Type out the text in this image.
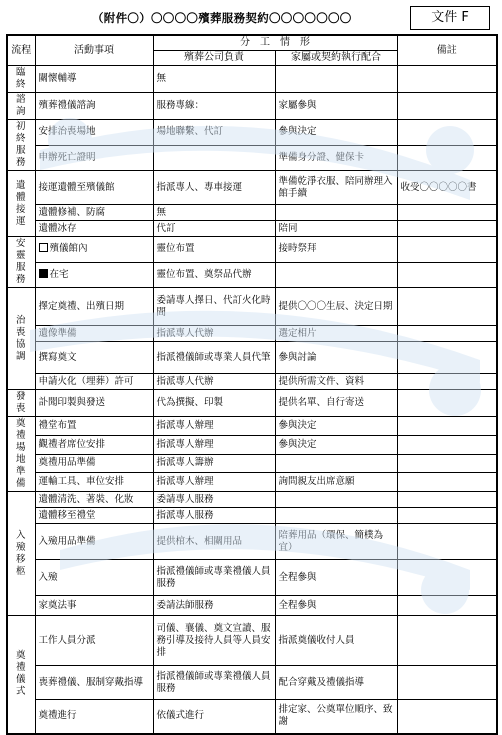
（附件〇）〇〇〇〇殯葬服務契約〇〇〇〇〇〇〇	文件 F
流程	活動事項	分　工　情　形		備註
		殯葬公司負責	家屬或契約執行配合	
臨終	關懷輔導	無		
諮詢	殯葬禮儀諮詢	服務專線：	家屬參與	
初終服務	安排治喪場地	場地聯繫、代訂	參與決定	
	申辦死亡證明		準備身分證、健保卡	
遺體接運	接運遺體至殯儀館	指派專人、專車接運	準備乾淨衣服、陪同辦理入館手續	收受〇〇〇〇〇書
	遺體修補、防腐	無		
	遺體冰存	代訂	陪同	
安靈服務	殯儀館內	靈位布置	接時祭拜	
	在宅	靈位布置、奠祭品代辦		
治喪協調	擇定奠禮、出殯日期	委請專人擇日、代訂火化時間	提供〇〇〇生辰、決定日期	
	遺像準備	指派專人代辦	選定相片	
	撰寫奠文	指派禮儀師或專業人員代筆	參與討論	
	申請火化（埋葬）許可	指派專人代辦	提供所需文件、資料	
發喪	訃聞印製與發送	代為撰擬、印製	提供名單、自行寄送	
奠禮場地準備	禮堂布置	指派專人辦理	參與決定	
	觀禮者席位安排	指派專人辦理	參與決定	
	奠禮用品準備	指派專人籌辦		
	運輸工具、車位安排	指派專人辦理	詢問親友出席意願	
入殮移柩	遺體清洗、著裝、化妝	委請專人服務		
	遺體移至禮堂	指派專人服務		
	入殮用品準備	提供棺木、相關用品	陪葬用品（環保、簡樸為宜）	
	入殮	指派禮儀師或專業禮儀人員服務	全程參與	
	家奠法事	委請法師服務	全程參與	
奠禮儀式	工作人員分派	司儀、襄儀、奠文宣讀、服務引導及接待人員等人員安排	指派奠儀收付人員	
	喪葬禮儀、服制穿戴指導	指派禮儀師或專業禮儀人員服務	配合穿戴及禮儀指導	
	奠禮進行	依儀式進行	排定家、公奠單位順序、致謝	
